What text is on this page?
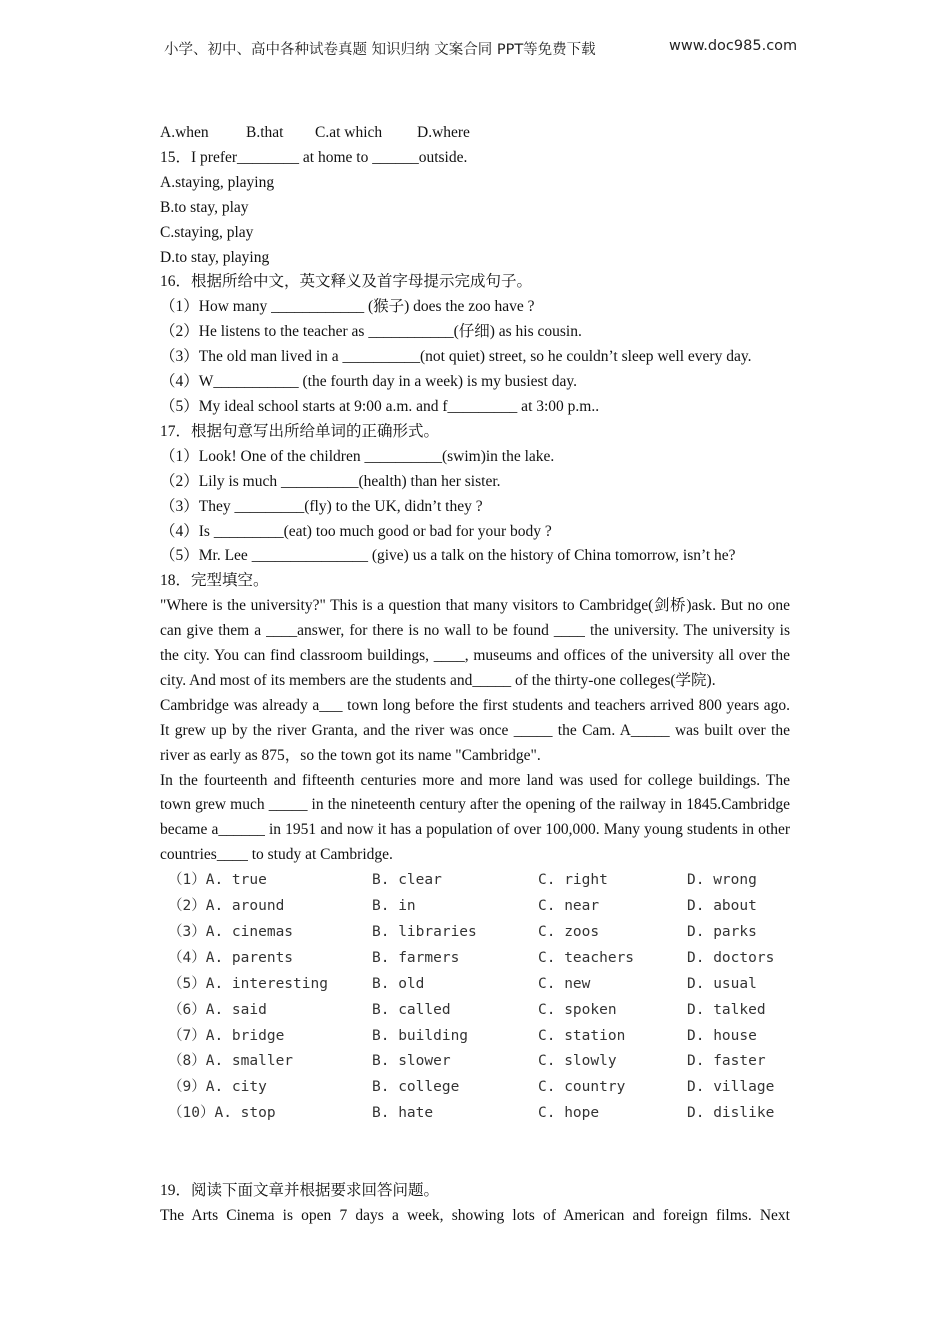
小学、初中、高中各种试卷真题 知识归纳 文案合同 PPT等免费下载	www.doc985.com
A.when B.that C.at which D.where
15．I prefer________ at home to ______outside.
A.staying, playing
B.to stay, play
C.staying, play
D.to stay, playing
16．根据所给中文，英文释义及首字母提示完成句子。
（1）How many ____________ (猴子) does the zoo have ?
（2）He listens to the teacher as ___________(仔细) as his cousin.
（3）The old man lived in a __________(not quiet) street, so he couldn’t sleep well every day.
（4）W___________ (the fourth day in a week) is my busiest day.
（5）My ideal school starts at 9:00 a.m. and f_________ at 3:00 p.m..
17．根据句意写出所给单词的正确形式。
（1）Look! One of the children __________(swim)in the lake.
（2）Lily is much __________(health) than her sister.
（3）They _________(fly) to the UK, didn’t they ?
（4）Is _________(eat) too much good or bad for your body ?
（5）Mr. Lee _______________ (give) us a talk on the history of China tomorrow, isn’t he?
18．完型填空。
"Where is the university?" This is a question that many visitors to Cambridge(剑桥)ask. But no one can give them a ____answer, for there is no wall to be found ____ the university. The university is the city. You can find classroom buildings, ____, museums and offices of the university all over the city. And most of its members are the students and_____ of the thirty-one colleges(学院).
Cambridge was already a___ town long before the first students and teachers arrived 800 years ago. It grew up by the river Granta, and the river was once _____ the Cam. A_____ was built over the river as early as 875，so the town got its name "Cambridge".
In the fourteenth and fifteenth centuries more and more land was used for college buildings. The town grew much _____ in the nineteenth century after the opening of the railway in 1845.Cambridge became a______ in 1951 and now it has a population of over 100,000. Many young students in other countries____ to study at Cambridge.
（1）A. true	B. clear	C. right	D. wrong
（2）A. around	B. in	C. near	D. about
（3）A. cinemas	B. libraries	C. zoos	D. parks
（4）A. parents	B. farmers	C. teachers	D. doctors
（5）A. interesting	B. old	C. new	D. usual
（6）A. said	B. called	C. spoken	D. talked
（7）A. bridge	B. building	C. station	D. house
（8）A. smaller	B. slower	C. slowly	D. faster
（9）A. city	B. college	C. country	D. village
（10）A. stop	B. hate	C. hope	D. dislike
19．阅读下面文章并根据要求回答问题。
The Arts Cinema is open 7 days a week, showing lots of American and foreign films. Next
